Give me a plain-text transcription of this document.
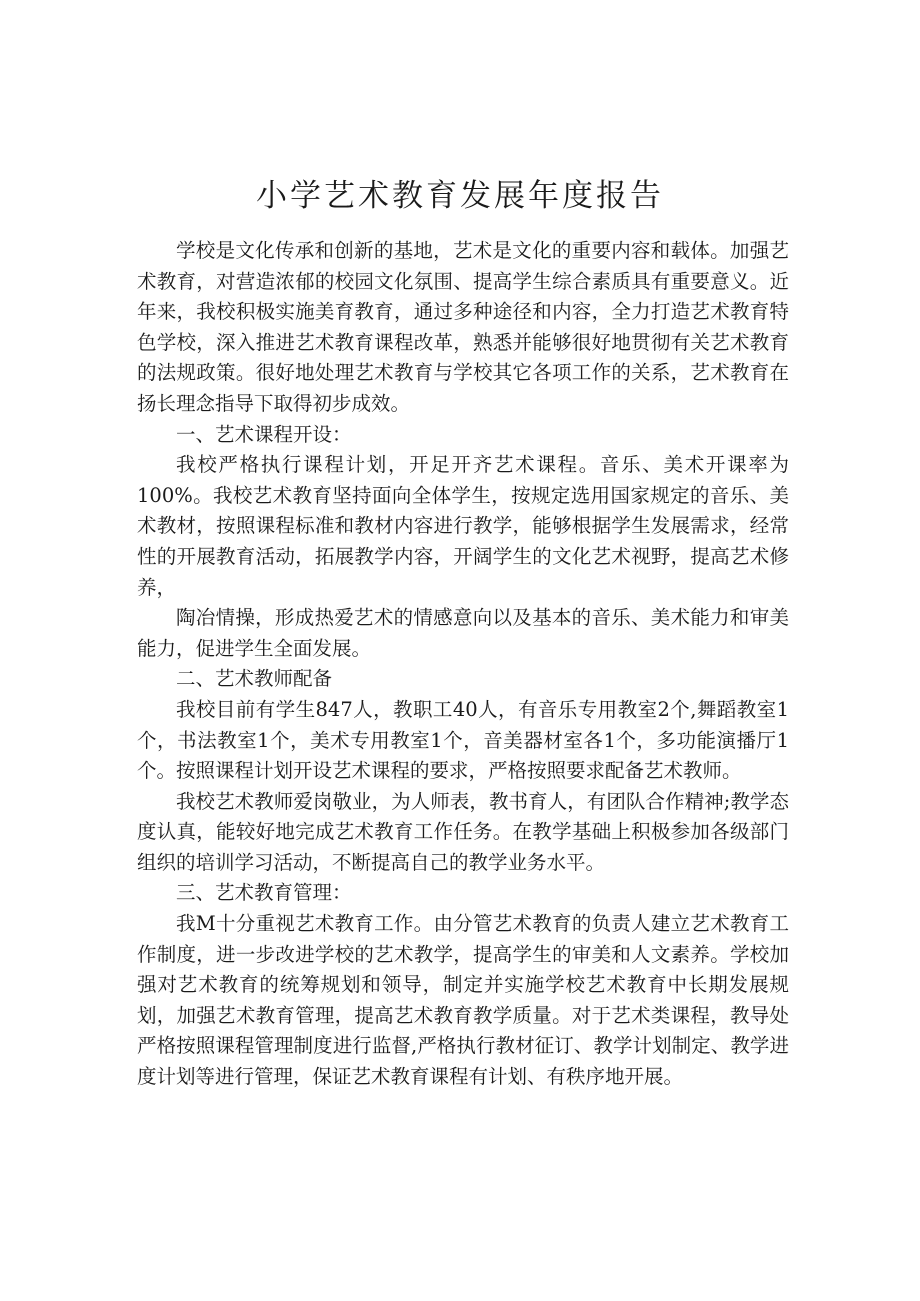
小学艺术教育发展年度报告

学校是文化传承和创新的基地，艺术是文化的重要内容和载体。加强艺术教育，对营造浓郁的校园文化氛围、提高学生综合素质具有重要意义。近年来，我校积极实施美育教育，通过多种途径和内容，全力打造艺术教育特色学校，深入推进艺术教育课程改革，熟悉并能够很好地贯彻有关艺术教育的法规政策。很好地处理艺术教育与学校其它各项工作的关系，艺术教育在扬长理念指导下取得初步成效。

一、艺术课程开设：

我校严格执行课程计划，开足开齐艺术课程。音乐、美术开课率为100%。我校艺术教育坚持面向全体学生，按规定选用国家规定的音乐、美术教材，按照课程标准和教材内容进行教学，能够根据学生发展需求，经常性的开展教育活动，拓展教学内容，开阔学生的文化艺术视野，提高艺术修养，

陶冶情操，形成热爱艺术的情感意向以及基本的音乐、美术能力和审美能力，促进学生全面发展。

二、艺术教师配备

我校目前有学生847人，教职工40人，有音乐专用教室2个,舞蹈教室1个，书法教室1个，美术专用教室1个，音美器材室各1个，多功能演播厅1个。按照课程计划开设艺术课程的要求，严格按照要求配备艺术教师。

我校艺术教师爱岗敬业，为人师表，教书育人，有团队合作精神;教学态度认真，能较好地完成艺术教育工作任务。在教学基础上积极参加各级部门组织的培训学习活动，不断提高自己的教学业务水平。

三、艺术教育管理：

我M十分重视艺术教育工作。由分管艺术教育的负责人建立艺术教育工作制度，进一步改进学校的艺术教学，提高学生的审美和人文素养。学校加强对艺术教育的统筹规划和领导，制定并实施学校艺术教育中长期发展规划，加强艺术教育管理，提高艺术教育教学质量。对于艺术类课程，教导处严格按照课程管理制度进行监督,严格执行教材征订、教学计划制定、教学进度计划等进行管理，保证艺术教育课程有计划、有秩序地开展。
